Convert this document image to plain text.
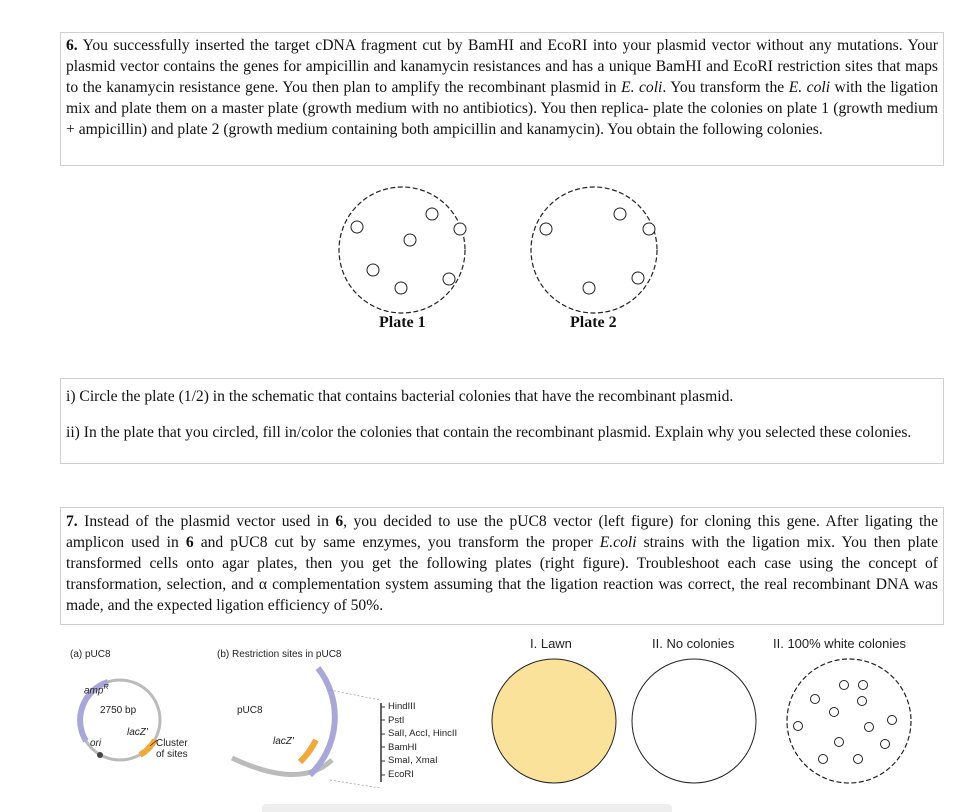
6. You successfully inserted the target cDNA fragment cut by BamHI and EcoRI into your plasmid vector without any mutations. Your plasmid vector contains the genes for ampicillin and kanamycin resistances and has a unique BamHI and EcoRI restriction sites that maps to the kanamycin resistance gene. You then plan to amplify the recombinant plasmid in E. coli. You transform the E. coli with the ligation mix and plate them on a master plate (growth medium with no antibiotics). You then replica- plate the colonies on plate 1 (growth medium + ampicillin) and plate 2 (growth medium containing both ampicillin and kanamycin). You obtain the following colonies.
Plate 1	Plate 2
i) Circle the plate (1/2) in the schematic that contains bacterial colonies that have the recombinant plasmid.
ii) In the plate that you circled, fill in/color the colonies that contain the recombinant plasmid. Explain why you selected these colonies.
7. Instead of the plasmid vector used in 6, you decided to use the pUC8 vector (left figure) for cloning this gene. After ligating the amplicon used in 6 and pUC8 cut by same enzymes, you transform the proper E.coli strains with the ligation mix. You then plate transformed cells onto agar plates, then you get the following plates (right figure). Troubleshoot each case using the concept of transformation, selection, and α complementation system assuming that the ligation reaction was correct, the real recombinant DNA was made, and the expected ligation efficiency of 50%.
(a) pUC8	(b) Restriction sites in pUC8
amp$^R$
2750 bp
lacZ'
ori	Cluster
of sites
pUC8
lacZ'
HindIII
PstI
SalI, AccI, HincII
BamHI
SmaI, XmaI
EcoRI
I. Lawn	II. No colonies	II. 100% white colonies
